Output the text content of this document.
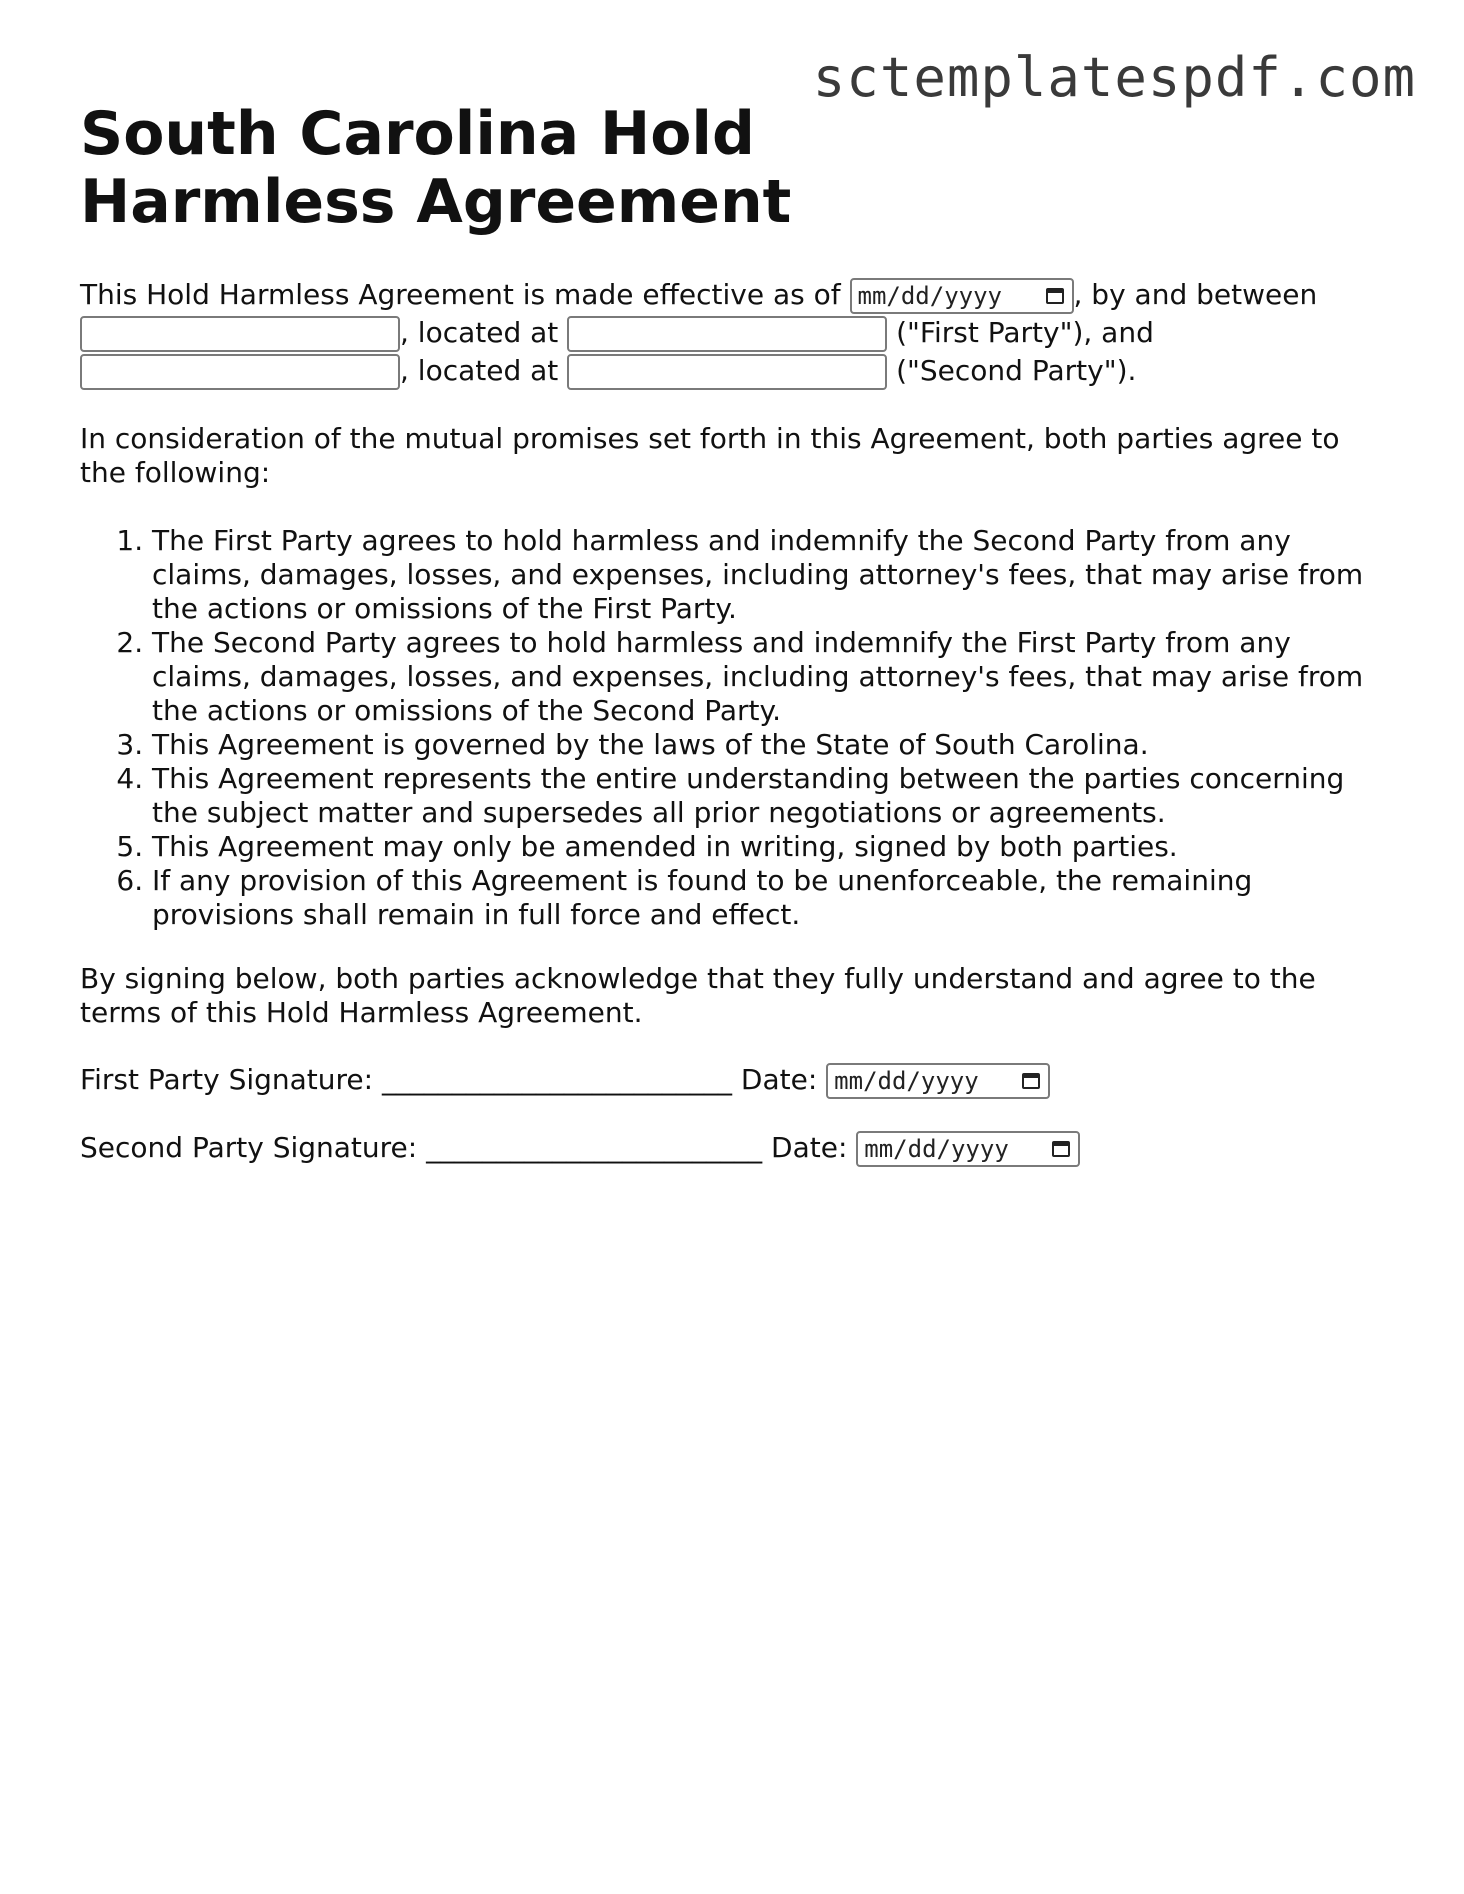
sctemplatespdf.com
South Carolina Hold Harmless Agreement

This Hold Harmless Agreement is made effective as of mm/dd/yyyy	, by and between
, located at	("First Party"), and
, located at	("Second Party").

In consideration of the mutual promises set forth in this Agreement, both parties agree to the following:

1. The First Party agrees to hold harmless and indemnify the Second Party from any claims, damages, losses, and expenses, including attorney's fees, that may arise from the actions or omissions of the First Party.
2. The Second Party agrees to hold harmless and indemnify the First Party from any claims, damages, losses, and expenses, including attorney's fees, that may arise from the actions or omissions of the Second Party.
3. This Agreement is governed by the laws of the State of South Carolina.
4. This Agreement represents the entire understanding between the parties concerning the subject matter and supersedes all prior negotiations or agreements.
5. This Agreement may only be amended in writing, signed by both parties.
6. If any provision of this Agreement is found to be unenforceable, the remaining provisions shall remain in full force and effect.

By signing below, both parties acknowledge that they fully understand and agree to the terms of this Hold Harmless Agreement.

First Party Signature: _________________________ Date: mm/dd/yyyy

Second Party Signature: ________________________ Date: mm/dd/yyyy
